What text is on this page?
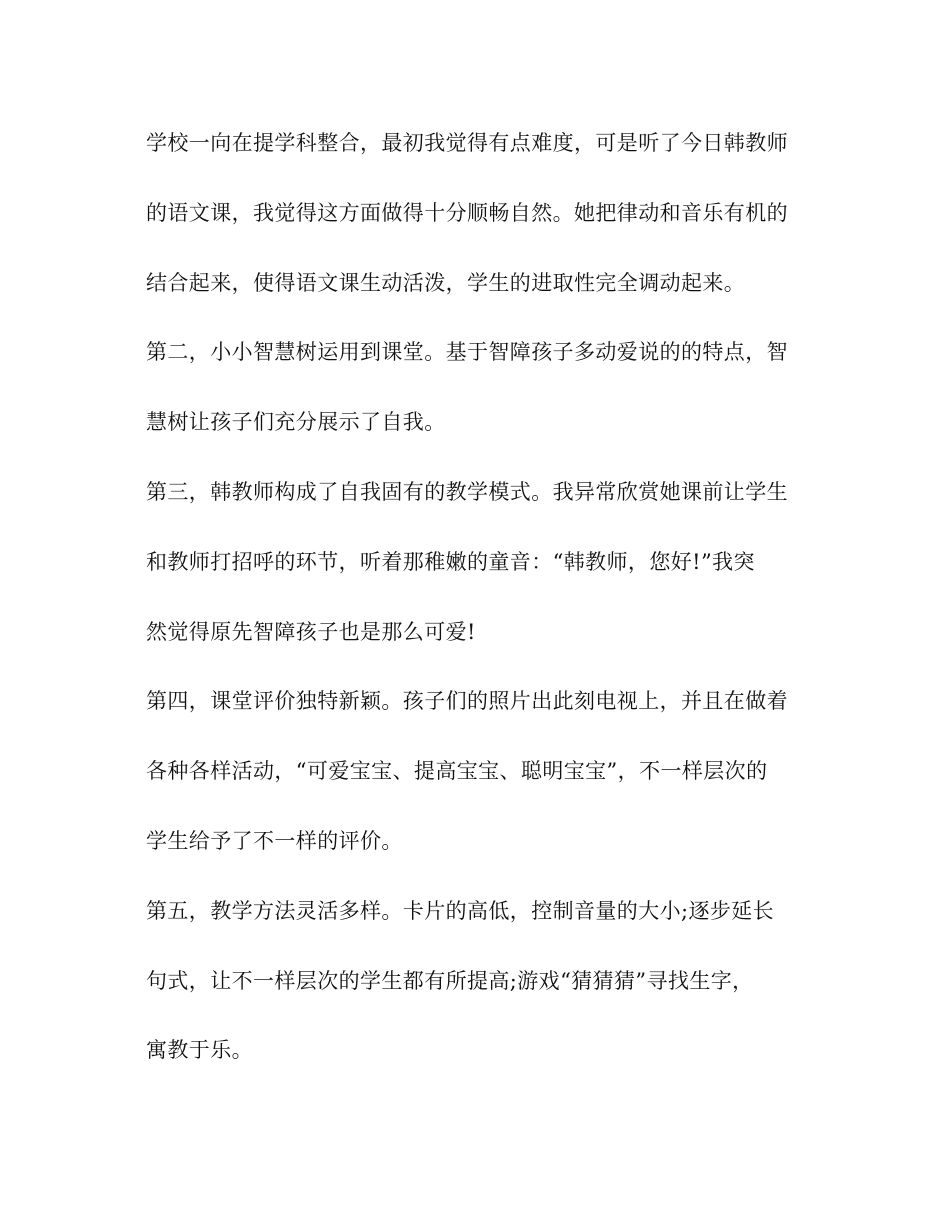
学校一向在提学科整合，最初我觉得有点难度，可是听了今日韩教师
的语文课，我觉得这方面做得十分顺畅自然。她把律动和音乐有机的
结合起来，使得语文课生动活泼，学生的进取性完全调动起来。
第二，小小智慧树运用到课堂。基于智障孩子多动爱说的的特点，智
慧树让孩子们充分展示了自我。
第三，韩教师构成了自我固有的教学模式。我异常欣赏她课前让学生
和教师打招呼的环节，听着那稚嫩的童音：“韩教师，您好!”我突
然觉得原先智障孩子也是那么可爱!
第四，课堂评价独特新颖。孩子们的照片出此刻电视上，并且在做着
各种各样活动，“可爱宝宝、提高宝宝、聪明宝宝”，不一样层次的
学生给予了不一样的评价。
第五，教学方法灵活多样。卡片的高低，控制音量的大小;逐步延长
句式，让不一样层次的学生都有所提高;游戏“猜猜猜”寻找生字，
寓教于乐。
